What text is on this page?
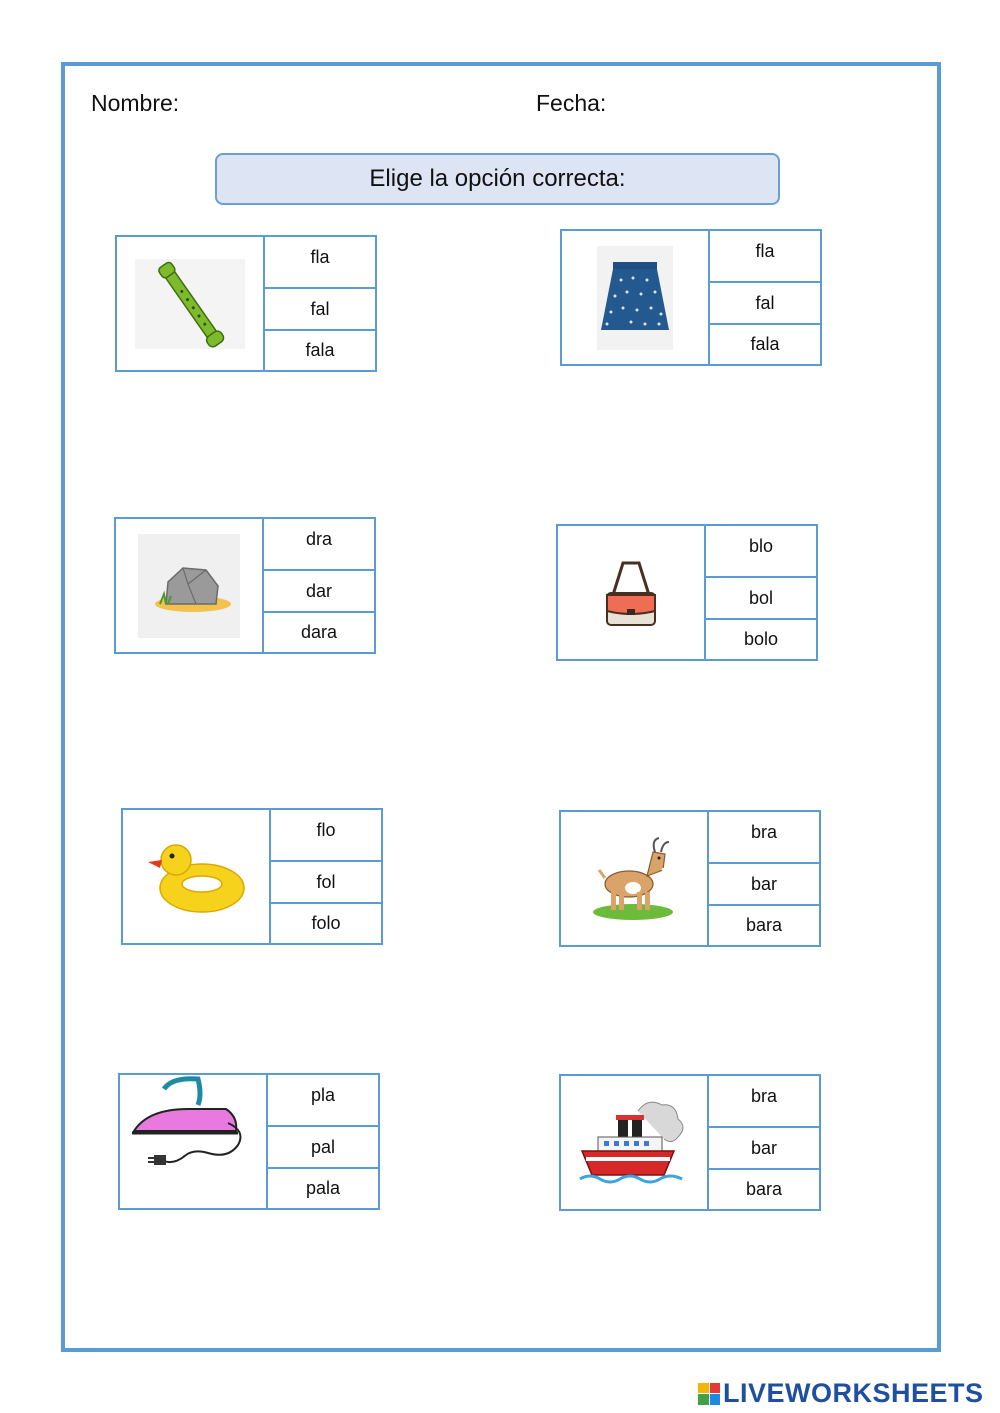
Nombre:	Fecha:
Elige la opción correcta:
fla
fal
fala
fla
fal
fala
dra
dar
dara
blo
bol
bolo
flo
fol
folo
bra
bar
bara
pla
pal
pala
bra
bar
bara
LIVEWORKSHEETS
